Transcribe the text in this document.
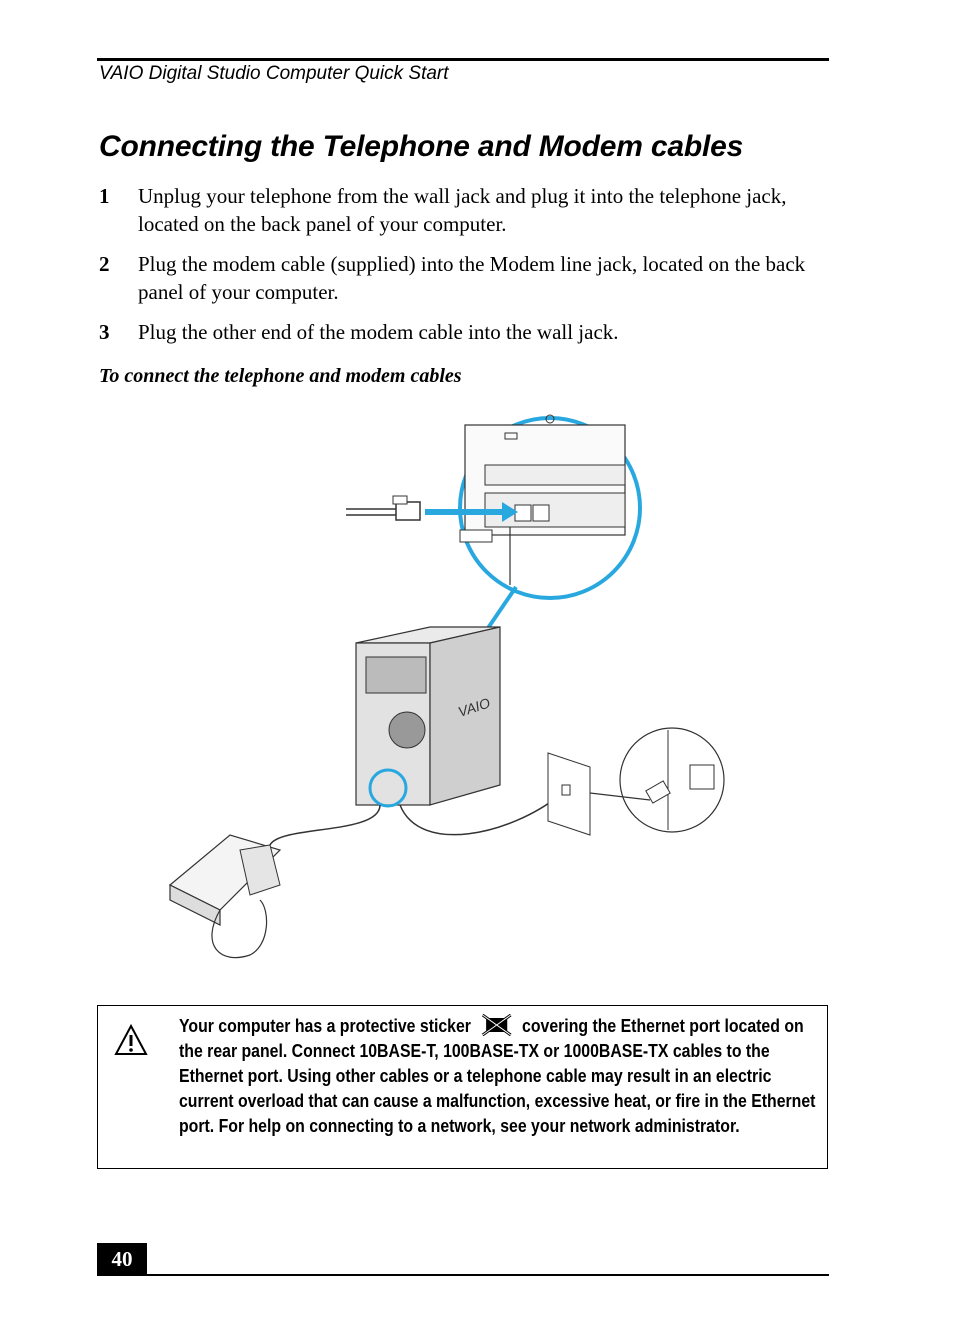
VAIO Digital Studio Computer Quick Start
Connecting the Telephone and Modem cables
1 Unplug your telephone from the wall jack and plug it into the telephone jack, located on the back panel of your computer.
2 Plug the modem cable (supplied) into the Modem line jack, located on the back panel of your computer.
3 Plug the other end of the modem cable into the wall jack.
To connect the telephone and modem cables
VAIO
Your computer has a protective sticker	covering the Ethernet port located on the rear panel. Connect 10BASE-T, 100BASE-TX or 1000BASE-TX cables to the Ethernet port. Using other cables or a telephone cable may result in an electric current overload that can cause a malfunction, excessive heat, or fire in the Ethernet port. For help on connecting to a network, see your network administrator.
40
